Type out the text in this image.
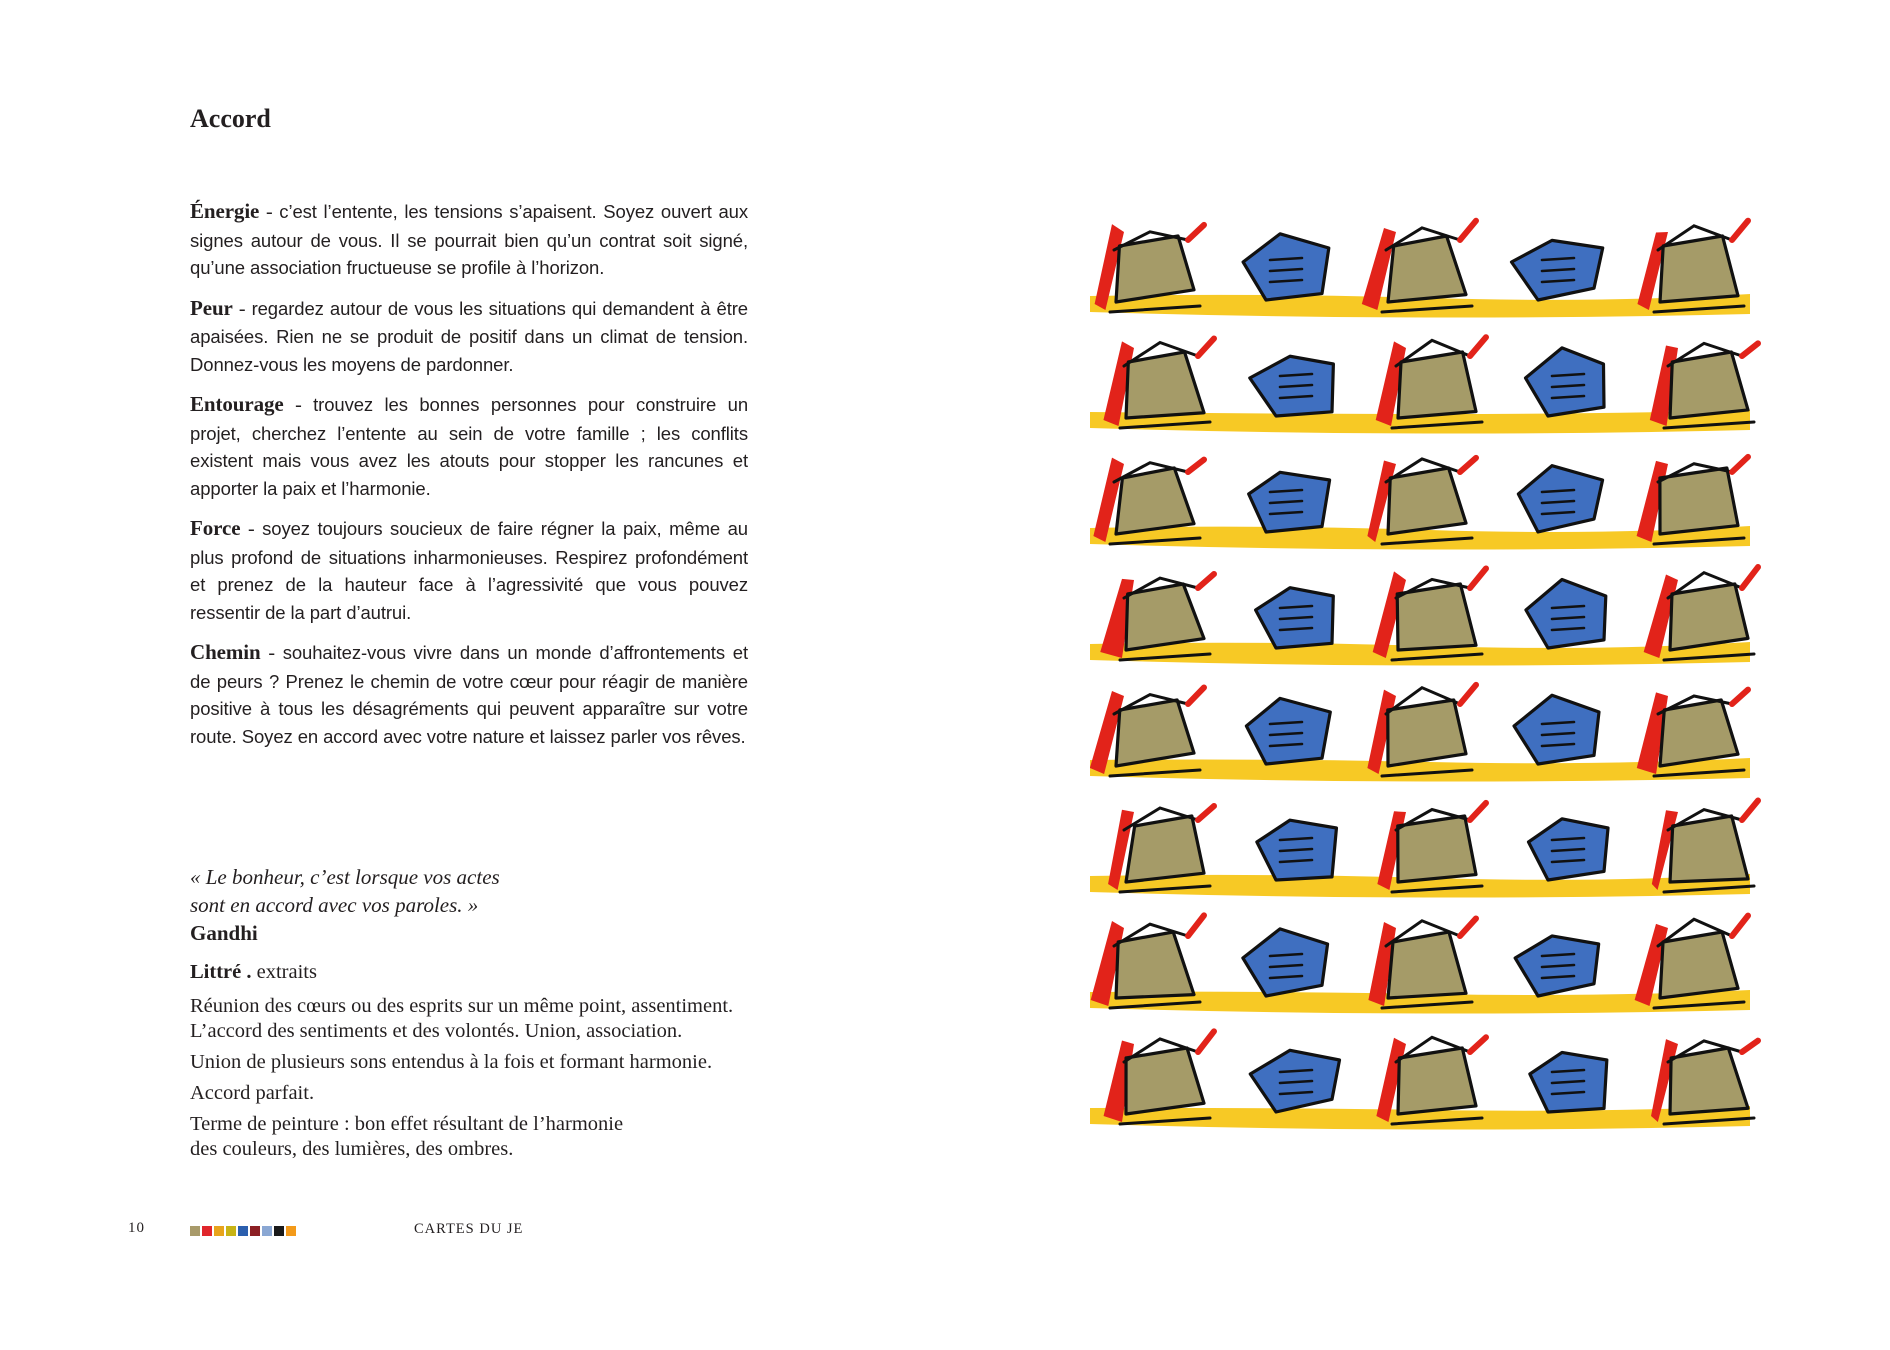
Accord

Énergie - c’est l’entente, les tensions s’apaisent. Soyez ouvert aux signes autour de vous. Il se pourrait bien qu’un contrat soit signé, qu’une association fructueuse se profile à l’horizon.

Peur - regardez autour de vous les situations qui demandent à être apaisées. Rien ne se produit de positif dans un climat de tension. Donnez-vous les moyens de pardonner.

Entourage - trouvez les bonnes personnes pour construire un projet, cherchez l’entente au sein de votre famille ; les conflits existent mais vous avez les atouts pour stopper les rancunes et apporter la paix et l’harmonie.

Force - soyez toujours soucieux de faire régner la paix, même au plus profond de situations inharmonieuses. Respirez profondément et prenez de la hauteur face à l’agressivité que vous pouvez ressentir de la part d’autrui.

Chemin - souhaitez-vous vivre dans un monde d’affrontements et de peurs ? Prenez le chemin de votre cœur pour réagir de manière positive à tous les désagréments qui peuvent apparaître sur votre route. Soyez en accord avec votre nature et laissez parler vos rêves.

« Le bonheur, c’est lorsque vos actes

sont en accord avec vos paroles. »

Gandhi

Littré . extraits

Réunion des cœurs ou des esprits sur un même point, assentiment.
L’accord des sentiments et des volontés. Union, association.

Union de plusieurs sons entendus à la fois et formant harmonie.

Accord parfait.

Terme de peinture : bon effet résultant de l’harmonie
des couleurs, des lumières, des ombres.

10	CARTES DU JE
